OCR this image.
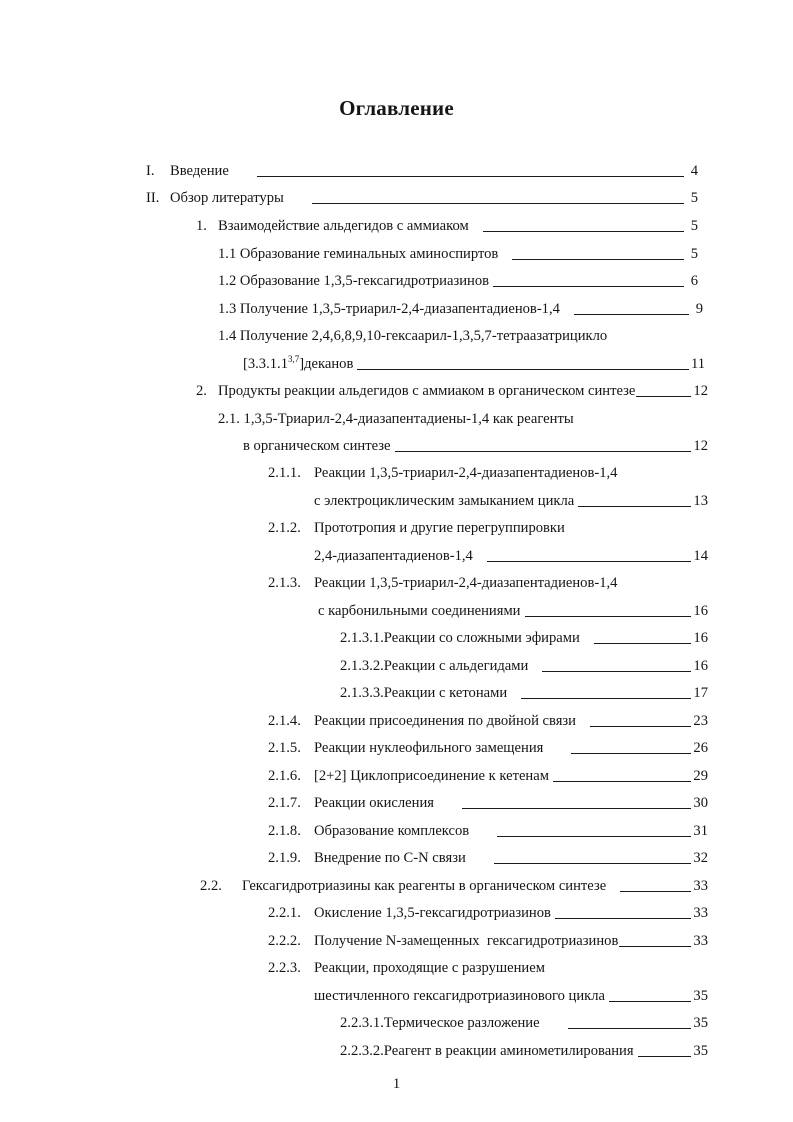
Оглавление
I.	Введение	4
II. Обзор литературы	5
1. Взаимодействие альдегидов с аммиаком	5
1.1 Образование геминальных аминоспиртов	5
1.2 Образование 1,3,5-гексагидротриазинов	6
1.3 Получение 1,3,5-триарил-2,4-диазапентадиенов-1,4	9
1.4 Получение 2,4,6,8,9,10-гексаарил-1,3,5,7-тетраазатрицикло
[3.3.1.1$^{3,7}$]деканов	11
2. Продукты реакции альдегидов с аммиаком в органическом синтезе	12
2.1. 1,3,5-Триарил-2,4-диазапентадиены-1,4 как реагенты
в органическом синтезе	12
2.1.1. Реакции 1,3,5-триарил-2,4-диазапентадиенов-1,4
с электроциклическим замыканием цикла	13
2.1.2. Прототропия и другие перегруппировки
2,4-диазапентадиенов-1,4	14
2.1.3. Реакции 1,3,5-триарил-2,4-диазапентадиенов-1,4
с карбонильными соединениями	16
2.1.3.1.Реакции со сложными эфирами	16
2.1.3.2.Реакции с альдегидами	16
2.1.3.3.Реакции с кетонами	17
2.1.4. Реакции присоединения по двойной связи	23
2.1.5. Реакции нуклеофильного замещения	26
2.1.6. [2+2] Циклоприсоединение к кетенам	29
2.1.7. Реакции окисления	30
2.1.8. Образование комплексов	31
2.1.9. Внедрение по C-N связи	32
2.2.	Гексагидротриазины как реагенты в органическом синтезе	33
2.2.1. Окисление 1,3,5-гексагидротриазинов	33
2.2.2. Получение N-замещенных  гексагидротриазинов	33
2.2.3. Реакции, проходящие с разрушением
шестичленного гексагидротриазинового цикла	35
2.2.3.1.Термическое разложение	35
2.2.3.2.Реагент в реакции аминометилирования	35
1
